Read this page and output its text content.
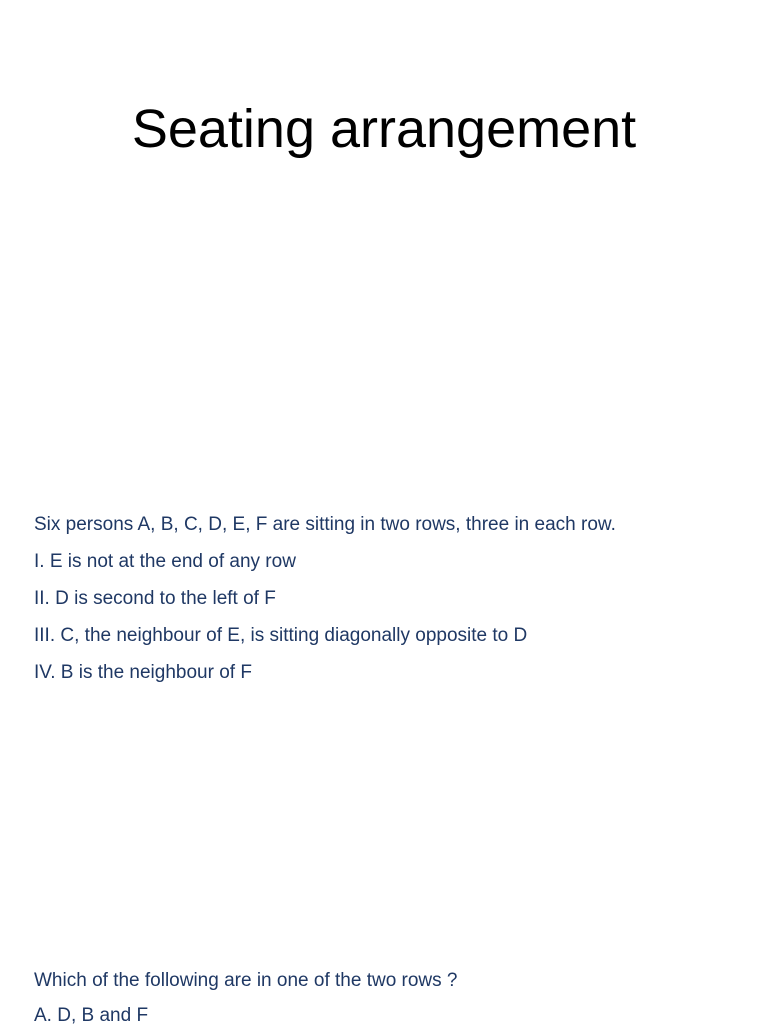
Seating arrangement

Six persons A, B, C, D, E, F are sitting in two rows, three in each row.

I. E is not at the end of any row

II. D is second to the left of F

III. C, the neighbour of E, is sitting diagonally opposite to D

IV. B is the neighbour of F

Which of the following are in one of the two rows ?

A. D, B and F
